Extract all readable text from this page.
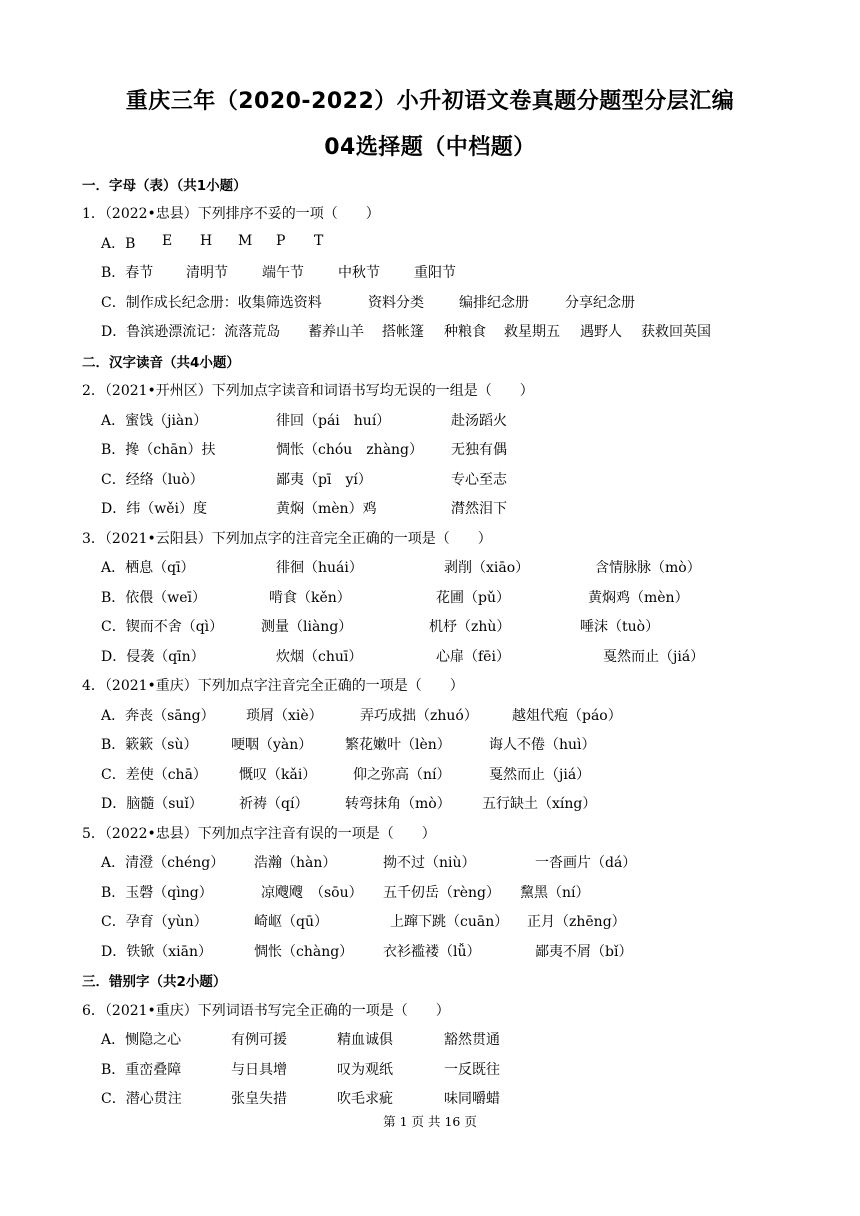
重庆三年（2020-2022）小升初语文卷真题分题型分层汇编
04选择题（中档题）
一．字母（表）（共1小题）
1．（2022•忠县）下列排序不妥的一项（　　）
A．B E H M P T
B．春节 清明节 端午节 中秋节 重阳节
C．制作成长纪念册：收集筛选资料	资料分类	编排纪念册	分享纪念册
D．鲁滨逊漂流记：流落荒岛 蓄养山羊 搭帐篷 种粮食 救星期五 遇野人 获救回英国
二．汉字读音（共4小题）
2．（2021•开州区）下列加点字读音和词语书写均无误的一组是（　　）
A．蜜饯（jiàn）	徘回（pái　huí）	赴汤蹈火
B．搀（chān）扶	惆怅（chóu　zhàng） 无独有偶
C．经络（luò）	鄙夷（pī　yí）	专心至志
D．纬（wěi）度	黄焖（mèn）鸡	潸然泪下
3．（2021•云阳县）下列加点字的注音完全正确的一项是（　　）
A．栖息（qī）	徘徊（huái）	剥削（xiāo）	含情脉脉（mò）
B．依偎（weī）	啃食（kěn）	花圃（pǔ）	黄焖鸡（mèn）
C．锲而不舍（qì）	测量（liàng）	机杼（zhù）	唾沫（tuò）
D．侵袭（qīn）	炊烟（chuī）	心扉（fēi）	戛然而止（jiá）
4．（2021•重庆）下列加点字注音完全正确的一项是（　　）
A．奔丧（sāng） 琐屑（xiè）	弄巧成拙（zhuó） 越俎代疱（páo）
B．簌簌（sù） 哽咽（yàn） 繁花嫩叶（lèn）	诲人不倦（huì）
C．差使（chā） 慨叹（kǎi）	仰之弥高（ní）	戛然而止（jiá）
D．脑髓（suǐ）	祈祷（qí）	转弯抹角（mò） 五行缺土（xíng）
5．（2022•忠县）下列加点字注音有误的一项是（　　）
A．清澄（chéng） 浩瀚（hàn）	拗不过（niù）	一沓画片（dá）
B．玉磬（qìng）	凉飕飕　（sōu） 五千仞岳（rèng） 黧黑（ní）
C．孕育（yùn）	崎岖（qū）	上蹿下跳（cuān） 正月（zhēng）
D．铁锨（xiān）	惆怅（chàng） 衣衫褴褛（lǚ）	鄙夷不屑（bǐ）
三．错别字（共2小题）
6．（2021•重庆）下列词语书写完全正确的一项是（　　）
A．恻隐之心	有例可援	精血诚俱	豁然贯通
B．重峦叠障	与日具增	叹为观纸	一反既往
C．潜心贯注	张皇失措	吹毛求疵	味同嚼蜡
第 1 页 共 16 页
